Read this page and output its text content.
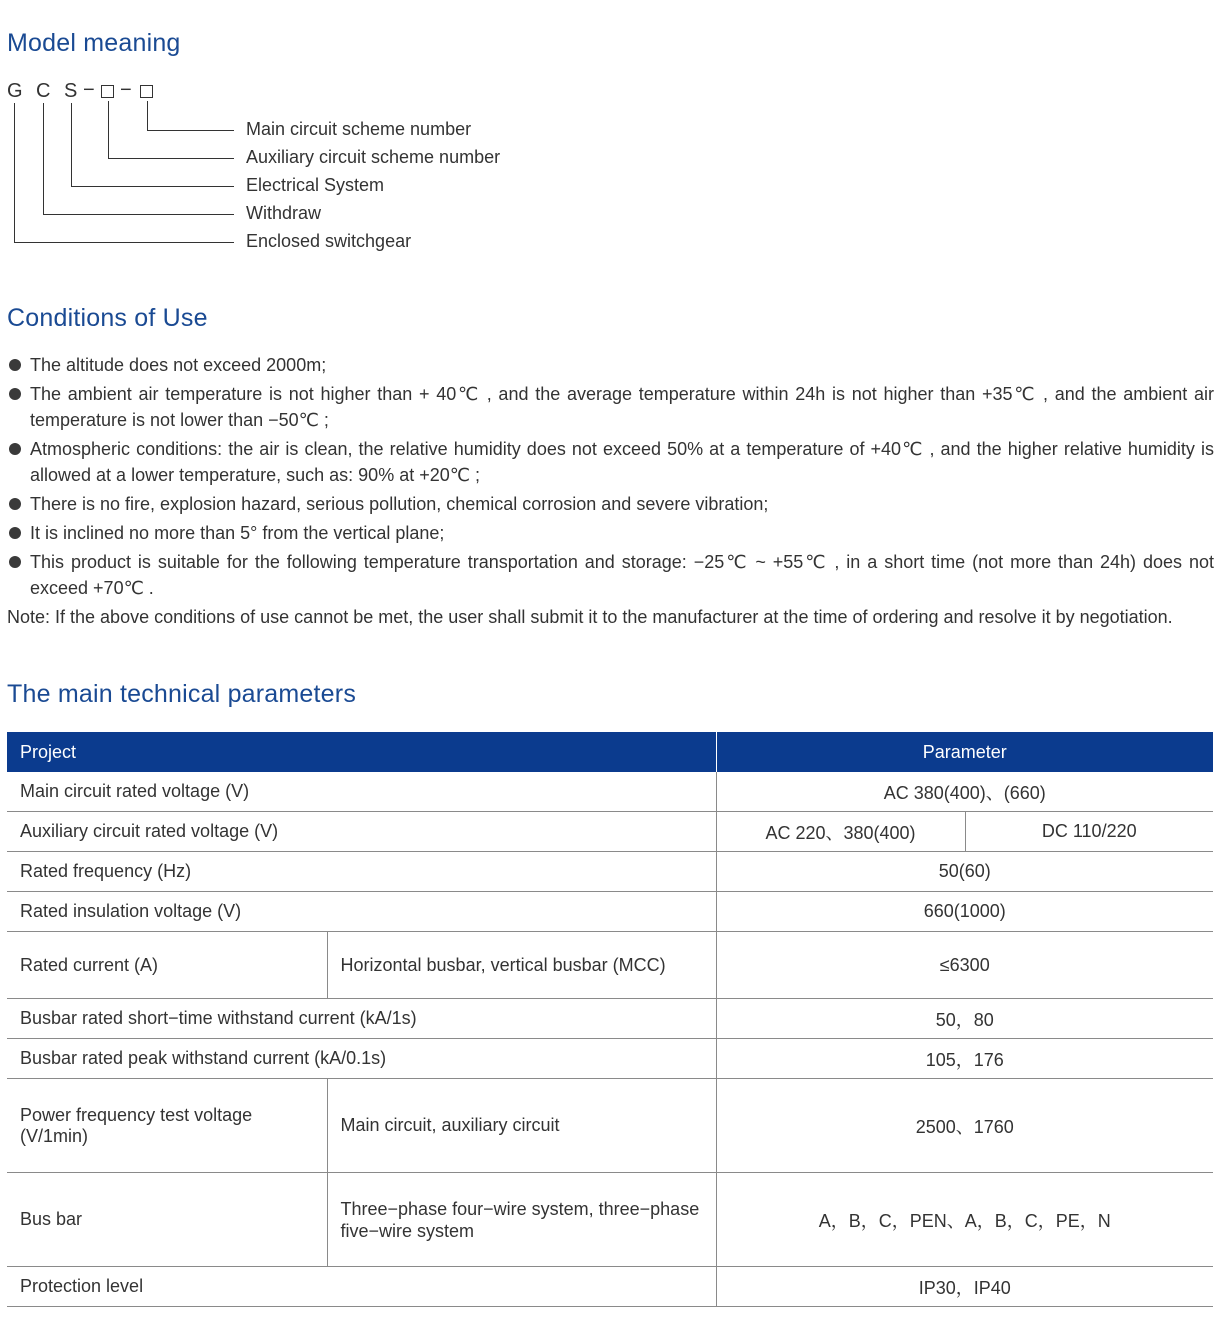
Model meaning
G C S − −
Main circuit scheme number
Auxiliary circuit scheme number
Electrical System
Withdraw
Enclosed switchgear
Conditions of Use
The altitude does not exceed 2000m;
The ambient air temperature is not higher than + 40℃ , and the average temperature within 24h is not higher than +35℃ , and the ambient air temperature is not lower than −50℃ ;
Atmospheric conditions: the air is clean, the relative humidity does not exceed 50% at a temperature of +40℃ , and the higher relative humidity is allowed at a lower temperature, such as: 90% at +20℃ ;
There is no fire, explosion hazard, serious pollution, chemical corrosion and severe vibration;
It is inclined no more than 5° from the vertical plane;
This product is suitable for the following temperature transportation and storage: −25℃ ~ +55℃ , in a short time (not more than 24h) does not exceed +70℃ .
Note: If the above conditions of use cannot be met, the user shall submit it to the manufacturer at the time of ordering and resolve it by negotiation.
The main technical parameters
Project		Parameter	
Main circuit rated voltage (V)		AC 380(400)、(660)	
Auxiliary circuit rated voltage (V)		AC 220、380(400)	DC 110/220
Rated frequency (Hz)		50(60)	
Rated insulation voltage (V)		660(1000)	
Rated current (A)	Horizontal busbar, vertical busbar (MCC)	≤6300	
Busbar rated short−time withstand current (kA/1s)		50，80	
Busbar rated peak withstand current (kA/0.1s)		105，176	
Power frequency test voltage (V/1min)	Main circuit, auxiliary circuit	2500、1760	
Bus bar	Three−phase four−wire system, three−phase five−wire system	A，B，C，PEN、A，B，C，PE，N	
Protection level		IP30，IP40	
